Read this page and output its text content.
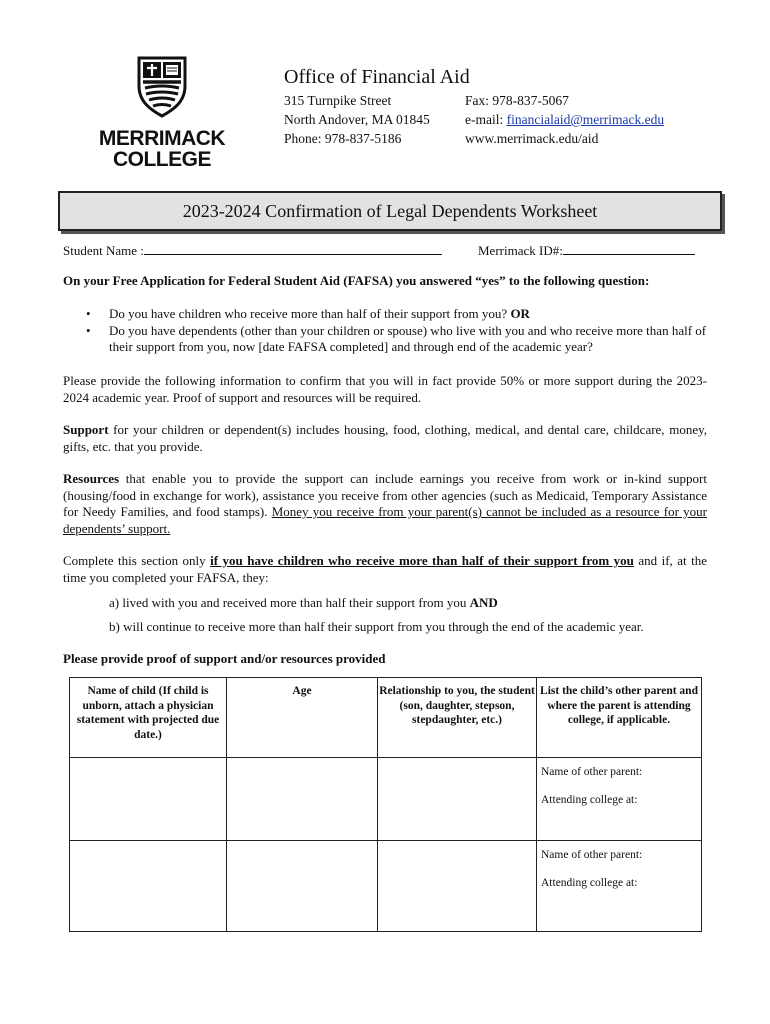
MERRIMACK
COLLEGE
Office of Financial Aid
315 Turnpike Street
North Andover, MA 01845
Phone: 978-837-5186
Fax: 978-837-5067
e-mail: financialaid@merrimack.edu
www.merrimack.edu/aid
2023-2024 Confirmation of Legal Dependents Worksheet
Student Name :	Merrimack ID#:
On your Free Application for Federal Student Aid (FAFSA) you answered “yes” to the following question:
• Do you have children who receive more than half of their support from you? OR
• Do you have dependents (other than your children or spouse) who live with you and who receive more than half of their support from you, now [date FAFSA completed] and through end of the academic year?
Please provide the following information to confirm that you will in fact provide 50% or more support during the 2023-2024 academic year. Proof of support and resources will be required.
Support for your children or dependent(s) includes housing, food, clothing, medical, and dental care, childcare, money, gifts, etc. that you provide.
Resources that enable you to provide the support can include earnings you receive from work or in-kind support (housing/food in exchange for work), assistance you receive from other agencies (such as Medicaid, Temporary Assistance for Needy Families, and food stamps). Money you receive from your parent(s) cannot be included as a resource for your dependents’ support.
Complete this section only if you have children who receive more than half of their support from you and if, at the time you completed your FAFSA, they:
a) lived with you and received more than half their support from you AND
b) will continue to receive more than half their support from you through the end of the academic year.
Please provide proof of support and/or resources provided
Name of child (If child is unborn, attach a physician statement with projected due date.)	Age	Relationship to you, the student (son, daughter, stepson, stepdaughter, etc.)	List the child’s other parent and where the parent is attending college, if applicable.

			Name of other parent:
Attending college at:

			Name of other parent:
Attending college at:
